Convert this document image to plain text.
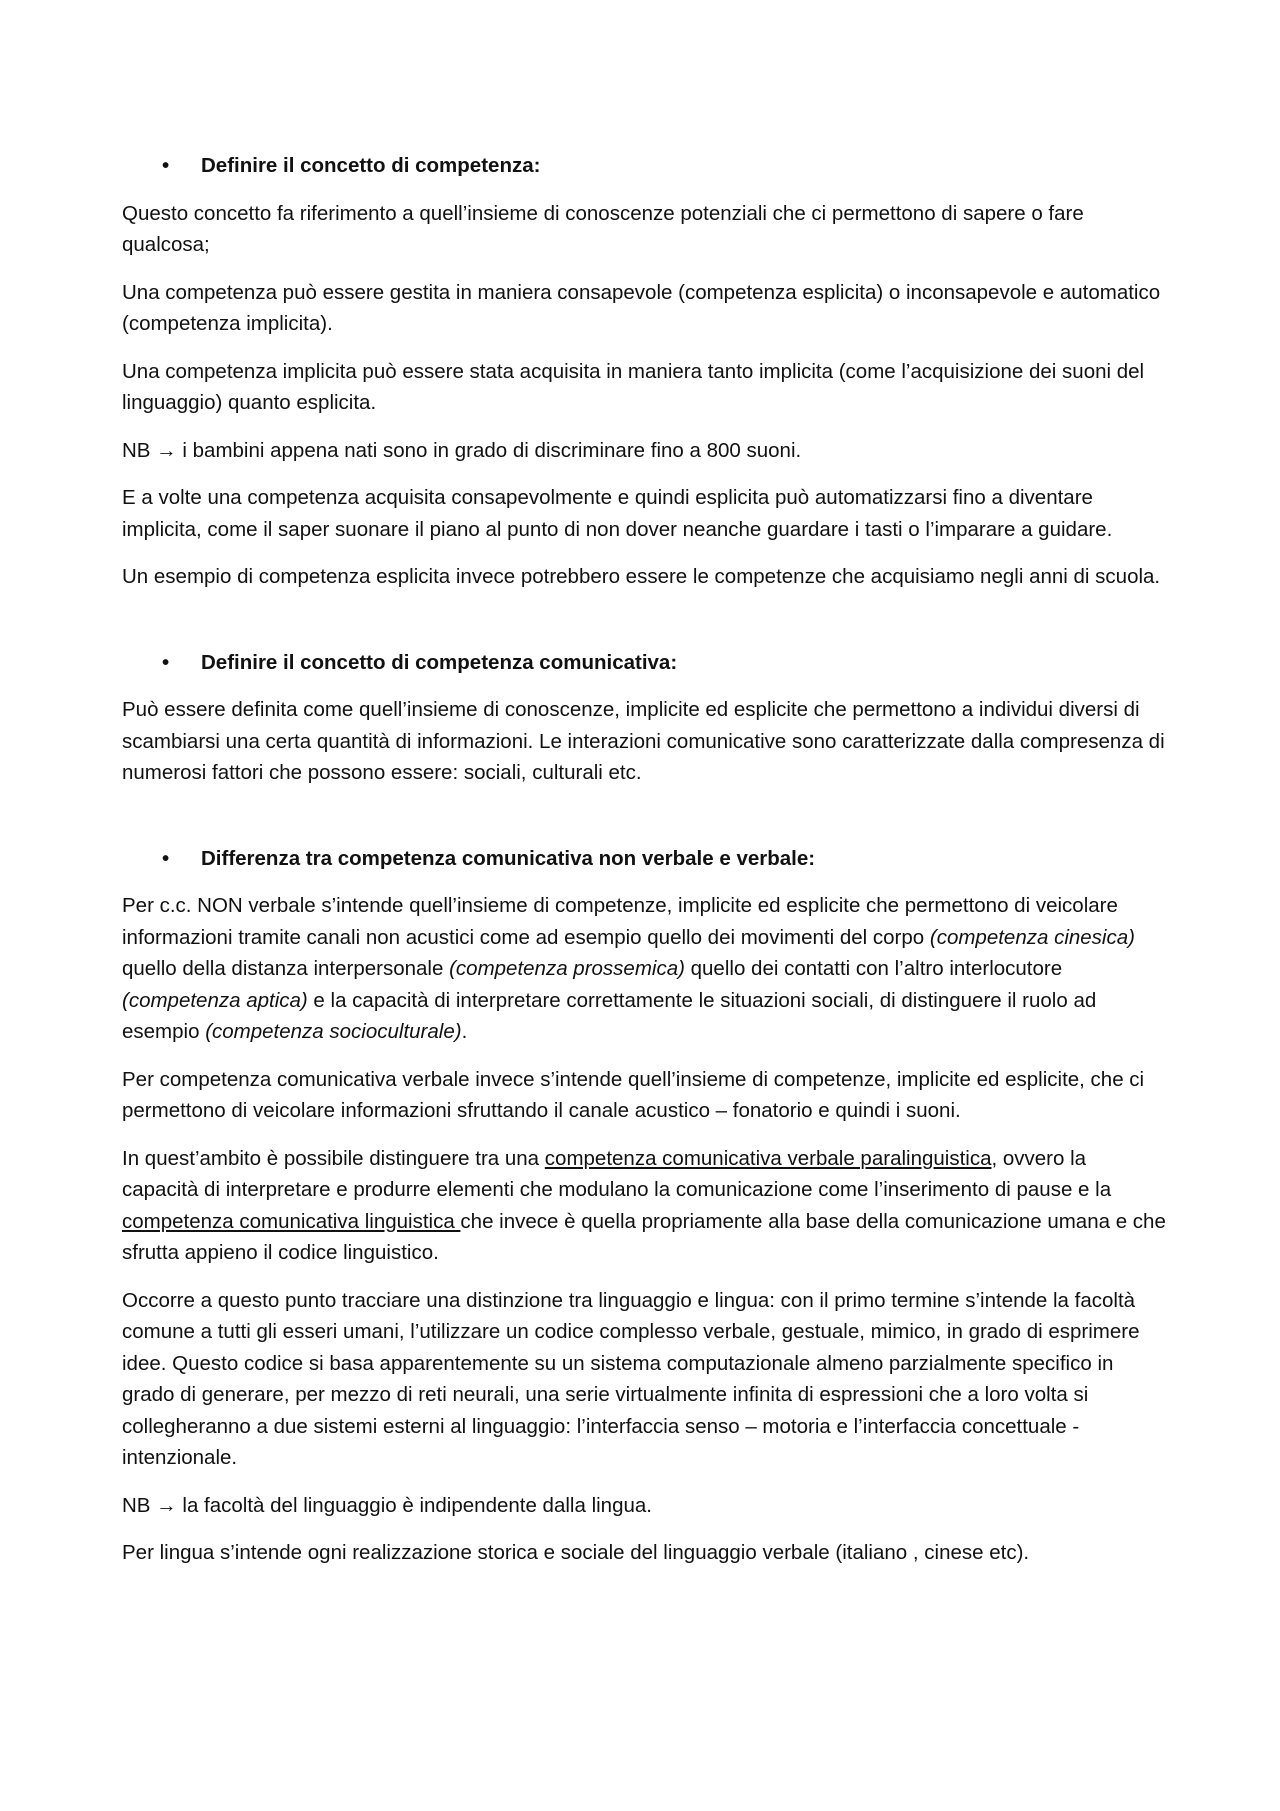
• Definire il concetto di competenza:

Questo concetto fa riferimento a quell’insieme di conoscenze potenziali che ci permettono di sapere o fare qualcosa;

Una competenza può essere gestita in maniera consapevole (competenza esplicita) o inconsapevole e automatico (competenza implicita).

Una competenza implicita può essere stata acquisita in maniera tanto implicita (come l’acquisizione dei suoni del linguaggio) quanto esplicita.

NB → i bambini appena nati sono in grado di discriminare fino a 800 suoni.

E a volte una competenza acquisita consapevolmente e quindi esplicita può automatizzarsi fino a diventare implicita, come il saper suonare il piano al punto di non dover neanche guardare i tasti o l’imparare a guidare.

Un esempio di competenza esplicita invece potrebbero essere le competenze che acquisiamo negli anni di scuola.

• Definire il concetto di competenza comunicativa:

Può essere definita come quell’insieme di conoscenze, implicite ed esplicite che permettono a individui diversi di scambiarsi una certa quantità di informazioni. Le interazioni comunicative sono caratterizzate dalla compresenza di numerosi fattori che possono essere: sociali, culturali etc.

• Differenza tra competenza comunicativa non verbale e verbale:

Per c.c. NON verbale s’intende quell’insieme di competenze, implicite ed esplicite che permettono di veicolare informazioni tramite canali non acustici come ad esempio quello dei movimenti del corpo (competenza cinesica) quello della distanza interpersonale (competenza prossemica) quello dei contatti con l’altro interlocutore (competenza aptica) e la capacità di interpretare correttamente le situazioni sociali, di distinguere il ruolo ad esempio (competenza socioculturale).

Per competenza comunicativa verbale invece s’intende quell’insieme di competenze, implicite ed esplicite, che ci permettono di veicolare informazioni sfruttando il canale acustico – fonatorio e quindi i suoni.

In quest’ambito è possibile distinguere tra una competenza comunicativa verbale paralinguistica, ovvero la capacità di interpretare e produrre elementi che modulano la comunicazione come l’inserimento di pause e la competenza comunicativa linguistica che invece è quella propriamente alla base della comunicazione umana e che sfrutta appieno il codice linguistico.

Occorre a questo punto tracciare una distinzione tra linguaggio e lingua: con il primo termine s’intende la facoltà comune a tutti gli esseri umani, l’utilizzare un codice complesso verbale, gestuale, mimico, in grado di esprimere idee. Questo codice si basa apparentemente su un sistema computazionale almeno parzialmente specifico in grado di generare, per mezzo di reti neurali, una serie virtualmente infinita di espressioni che a loro volta si collegheranno a due sistemi esterni al linguaggio: l’interfaccia senso – motoria e l’interfaccia concettuale - intenzionale.

NB → la facoltà del linguaggio è indipendente dalla lingua.

Per lingua s’intende ogni realizzazione storica e sociale del linguaggio verbale (italiano , cinese etc).
